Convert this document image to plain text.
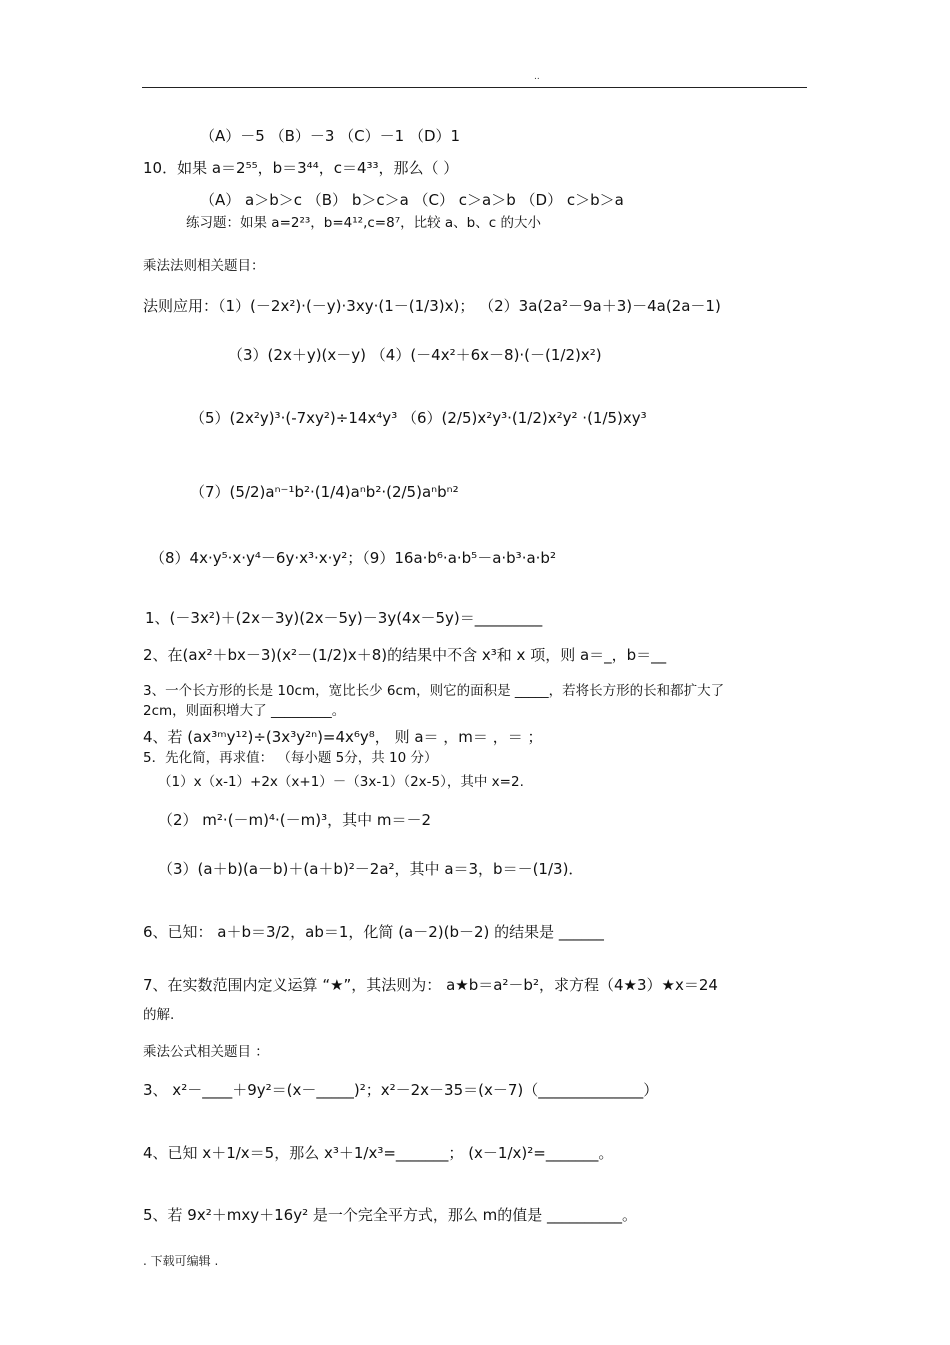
..
（A）－5 （B）－3 （C）－1 （D）1
10．如果 a＝2⁵⁵，b＝3⁴⁴，c＝4³³，那么（ ）
（A） a＞b＞c （B） b＞c＞a （C） c＞a＞b （D） c＞b＞a
练习题：如果 a=2²³，b=4¹²,c=8⁷，比较 a、b、c 的大小
乘法法则相关题目：
法则应用：（1）(－2x²)·(－y)·3xy·(1－(1/3)x)； （2）3a(2a²－9a＋3)－4a(2a－1)
（3）(2x＋y)(x－y) （4）(－4x²＋6x－8)·(－(1/2)x²)
（5）(2x²y)³·(-7xy²)÷14x⁴y³ （6）(2/5)x²y³·(1/2)x²y² ·(1/5)xy³
（7）(5/2)aⁿ⁻¹b²·(1/4)aⁿb²·(2/5)aⁿbⁿ²
（8）4x·y⁵·x·y⁴－6y·x³·x·y²；（9）16a·b⁶·a·b⁵－a·b³·a·b²
1、(－3x²)＋(2x－3y)(2x－5y)－3y(4x－5y)＝_________
2、在(ax²＋bx－3)(x²－(1/2)x＋8)的结果中不含 x³和 x 项，则 a＝_，b＝__
3、一个长方形的长是 10cm，宽比长少 6cm，则它的面积是 _____，若将长方形的长和都扩大了
2cm，则面积增大了 _________。
4、若 (ax³ᵐy¹²)÷(3x³y²ⁿ)=4x⁶y⁸， 则 a＝ ，m＝ ，＝ ；
5．先化简，再求值： （每小题 5分，共 10 分）
（1）x（x-1）+2x（x+1）－（3x-1）（2x-5），其中 x=2.
（2） m²·(－m)⁴·(－m)³，其中 m＝－2
（3）(a＋b)(a－b)＋(a＋b)²－2a²，其中 a＝3，b＝－(1/3)．
6、已知： a＋b＝3/2，ab＝1，化简 (a－2)(b－2) 的结果是 ______
7、在实数范围内定义运算 “★”，其法则为： a★b＝a²－b²，求方程（4★3）★x＝24
的解.
乘法公式相关题目 ：
3、 x²－____＋9y²＝(x－_____)²；x²－2x－35＝(x－7)（______________）
4、已知 x＋1/x＝5，那么 x³＋1/x³=_______； (x－1/x)²=_______。
5、若 9x²＋mxy＋16y² 是一个完全平方式，那么 m的值是 __________。
. 下载可编辑 .
